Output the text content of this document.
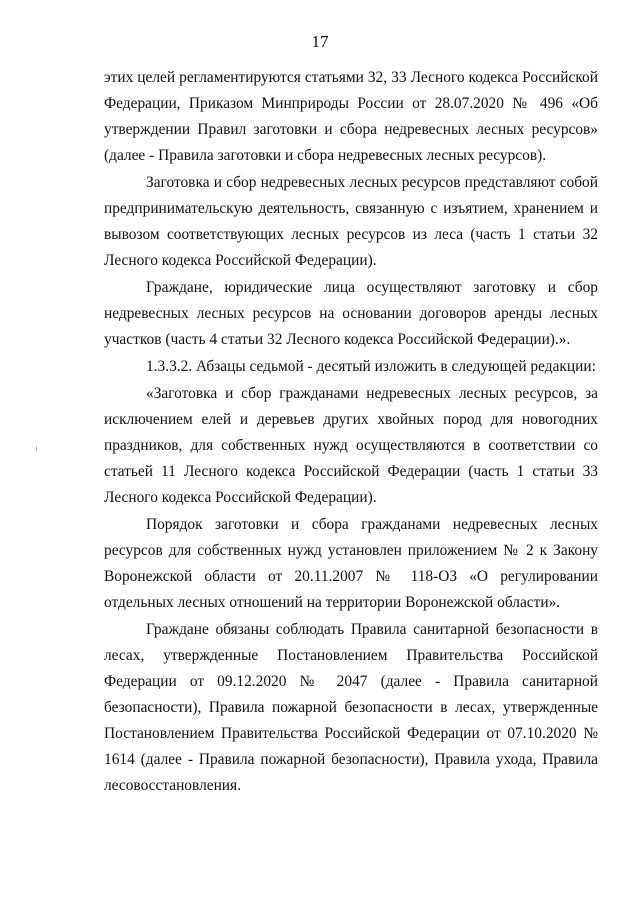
17

этих целей регламентируются статьями 32, 33 Лесного кодекса Российской Федерации, Приказом Минприроды России от 28.07.2020 № 496 «Об утверждении Правил заготовки и сбора недревесных лесных ресурсов» (далее - Правила заготовки и сбора недревесных лесных ресурсов).

Заготовка и сбор недревесных лесных ресурсов представляют собой предпринимательскую деятельность, связанную с изъятием, хранением и вывозом соответствующих лесных ресурсов из леса (часть 1 статьи 32 Лесного кодекса Российской Федерации).

Граждане, юридические лица осуществляют заготовку и сбор недревесных лесных ресурсов на основании договоров аренды лесных участков (часть 4 статьи 32 Лесного кодекса Российской Федерации).».

1.3.3.2. Абзацы седьмой - десятый изложить в следующей редакции:

«Заготовка и сбор гражданами недревесных лесных ресурсов, за исключением елей и деревьев других хвойных пород для новогодних праздников, для собственных нужд осуществляются в соответствии со статьей 11 Лесного кодекса Российской Федерации (часть 1 статьи 33 Лесного кодекса Российской Федерации).

Порядок заготовки и сбора гражданами недревесных лесных ресурсов для собственных нужд установлен приложением № 2 к Закону Воронежской области от 20.11.2007 № 118-ОЗ «О регулировании отдельных лесных отношений на территории Воронежской области».

Граждане обязаны соблюдать Правила санитарной безопасности в лесах, утвержденные Постановлением Правительства Российской Федерации от 09.12.2020 № 2047 (далее - Правила санитарной безопасности), Правила пожарной безопасности в лесах, утвержденные Постановлением Правительства Российской Федерации от 07.10.2020 № 1614 (далее - Правила пожарной безопасности), Правила ухода, Правила лесовосстановления.
